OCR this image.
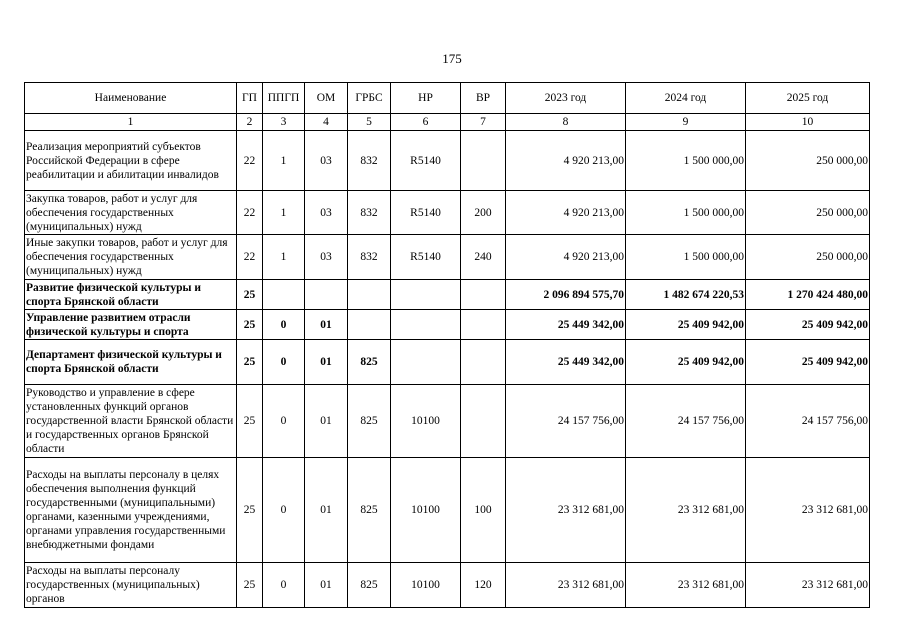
175
Наименование	ГП	ППГП	ОМ	ГРБС	НР	ВР	2023 год	2024 год	2025 год
1	2	3	4	5	6	7	8	9	10
Реализация мероприятий субъектов Российской Федерации в сфере реабилитации и абилитации инвалидов	22	1	03	832	R5140		4 920 213,00	1 500 000,00	250 000,00
Закупка товаров, работ и услуг для обеспечения государственных (муниципальных) нужд	22	1	03	832	R5140	200	4 920 213,00	1 500 000,00	250 000,00
Иные закупки товаров, работ и услуг для обеспечения государственных (муниципальных) нужд	22	1	03	832	R5140	240	4 920 213,00	1 500 000,00	250 000,00
Развитие физической культуры и спорта Брянской области	25						2 096 894 575,70	1 482 674 220,53	1 270 424 480,00
Управление развитием отрасли физической культуры и спорта	25	0	01				25 449 342,00	25 409 942,00	25 409 942,00
Департамент физической культуры и спорта Брянской области	25	0	01	825			25 449 342,00	25 409 942,00	25 409 942,00
Руководство и управление в сфере установленных функций органов государственной власти Брянской области и государственных органов Брянской области	25	0	01	825	10100		24 157 756,00	24 157 756,00	24 157 756,00
Расходы на выплаты персоналу в целях обеспечения выполнения функций государственными (муниципальными) органами, казенными учреждениями, органами управления государственными внебюджетными фондами	25	0	01	825	10100	100	23 312 681,00	23 312 681,00	23 312 681,00
Расходы на выплаты персоналу государственных (муниципальных) органов	25	0	01	825	10100	120	23 312 681,00	23 312 681,00	23 312 681,00
